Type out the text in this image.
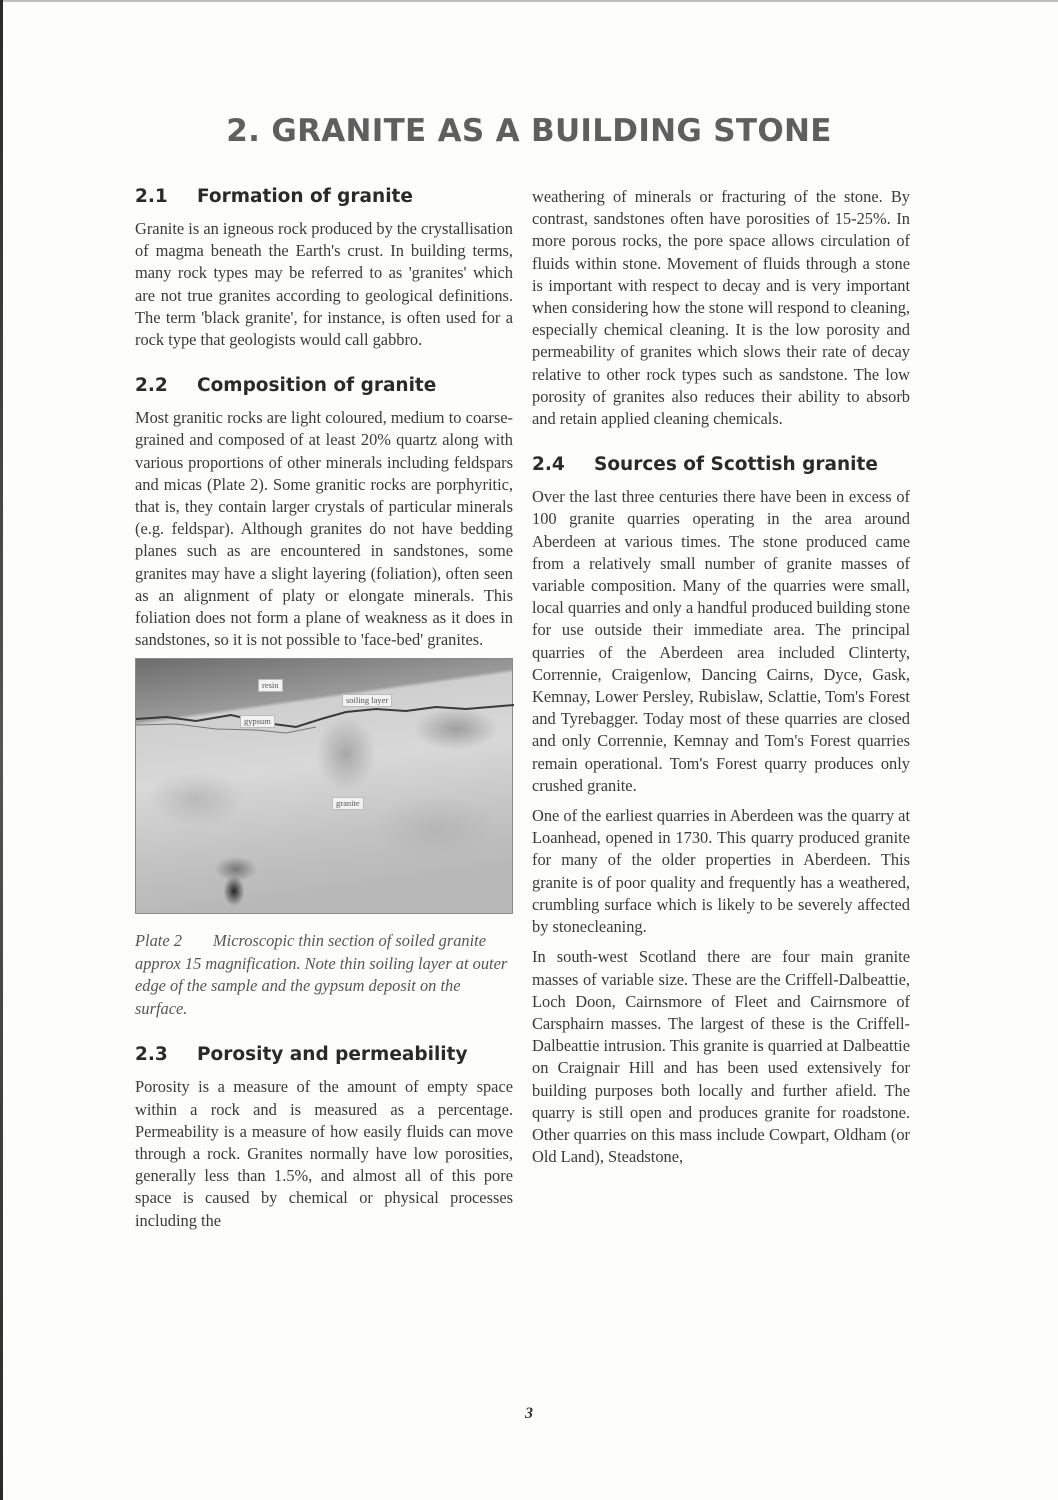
2. GRANITE AS A BUILDING STONE
2.1 Formation of granite

Granite is an igneous rock produced by the crystallisation of magma beneath the Earth's crust. In building terms, many rock types may be referred to as 'granites' which are not true granites according to geological definitions. The term 'black granite', for instance, is often used for a rock type that geologists would call gabbro.

2.2 Composition of granite

Most granitic rocks are light coloured, medium to coarse-grained and composed of at least 20% quartz along with various proportions of other minerals including feldspars and micas (Plate 2). Some granitic rocks are porphyritic, that is, they contain larger crystals of particular minerals (e.g. feldspar). Although granites do not have bedding planes such as are encountered in sandstones, some granites may have a slight layering (foliation), often seen as an alignment of platy or elongate minerals. This foliation does not form a plane of weakness as it does in sandstones, so it is not possible to 'face-bed' granites.

resin
soiling layer
gypsum
granite
Plate 2 Microscopic thin section of soiled granite approx 15 magnification. Note thin soiling layer at outer edge of the sample and the gypsum deposit on the surface.
2.3 Porosity and permeability

Porosity is a measure of the amount of empty space within a rock and is measured as a percentage. Permeability is a measure of how easily fluids can move through a rock. Granites normally have low porosities, generally less than 1.5%, and almost all of this pore space is caused by chemical or physical processes including the

weathering of minerals or fracturing of the stone. By contrast, sandstones often have porosities of 15-25%. In more porous rocks, the pore space allows circulation of fluids within stone. Movement of fluids through a stone is important with respect to decay and is very important when considering how the stone will respond to cleaning, especially chemical cleaning. It is the low porosity and permeability of granites which slows their rate of decay relative to other rock types such as sandstone. The low porosity of granites also reduces their ability to absorb and retain applied cleaning chemicals.

2.4 Sources of Scottish granite

Over the last three centuries there have been in excess of 100 granite quarries operating in the area around Aberdeen at various times. The stone produced came from a relatively small number of granite masses of variable composition. Many of the quarries were small, local quarries and only a handful produced building stone for use outside their immediate area. The principal quarries of the Aberdeen area included Clinterty, Corrennie, Craigenlow, Dancing Cairns, Dyce, Gask, Kemnay, Lower Persley, Rubislaw, Sclattie, Tom's Forest and Tyrebagger. Today most of these quarries are closed and only Corrennie, Kemnay and Tom's Forest quarries remain operational. Tom's Forest quarry produces only crushed granite.

One of the earliest quarries in Aberdeen was the quarry at Loanhead, opened in 1730. This quarry produced granite for many of the older properties in Aberdeen. This granite is of poor quality and frequently has a weathered, crumbling surface which is likely to be severely affected by stonecleaning.

In south-west Scotland there are four main granite masses of variable size. These are the Criffell-Dalbeattie, Loch Doon, Cairnsmore of Fleet and Cairnsmore of Carsphairn masses. The largest of these is the Criffell-Dalbeattie intrusion. This granite is quarried at Dalbeattie on Craignair Hill and has been used extensively for building purposes both locally and further afield. The quarry is still open and produces granite for roadstone. Other quarries on this mass include Cowpart, Oldham (or Old Land), Steadstone,

3
